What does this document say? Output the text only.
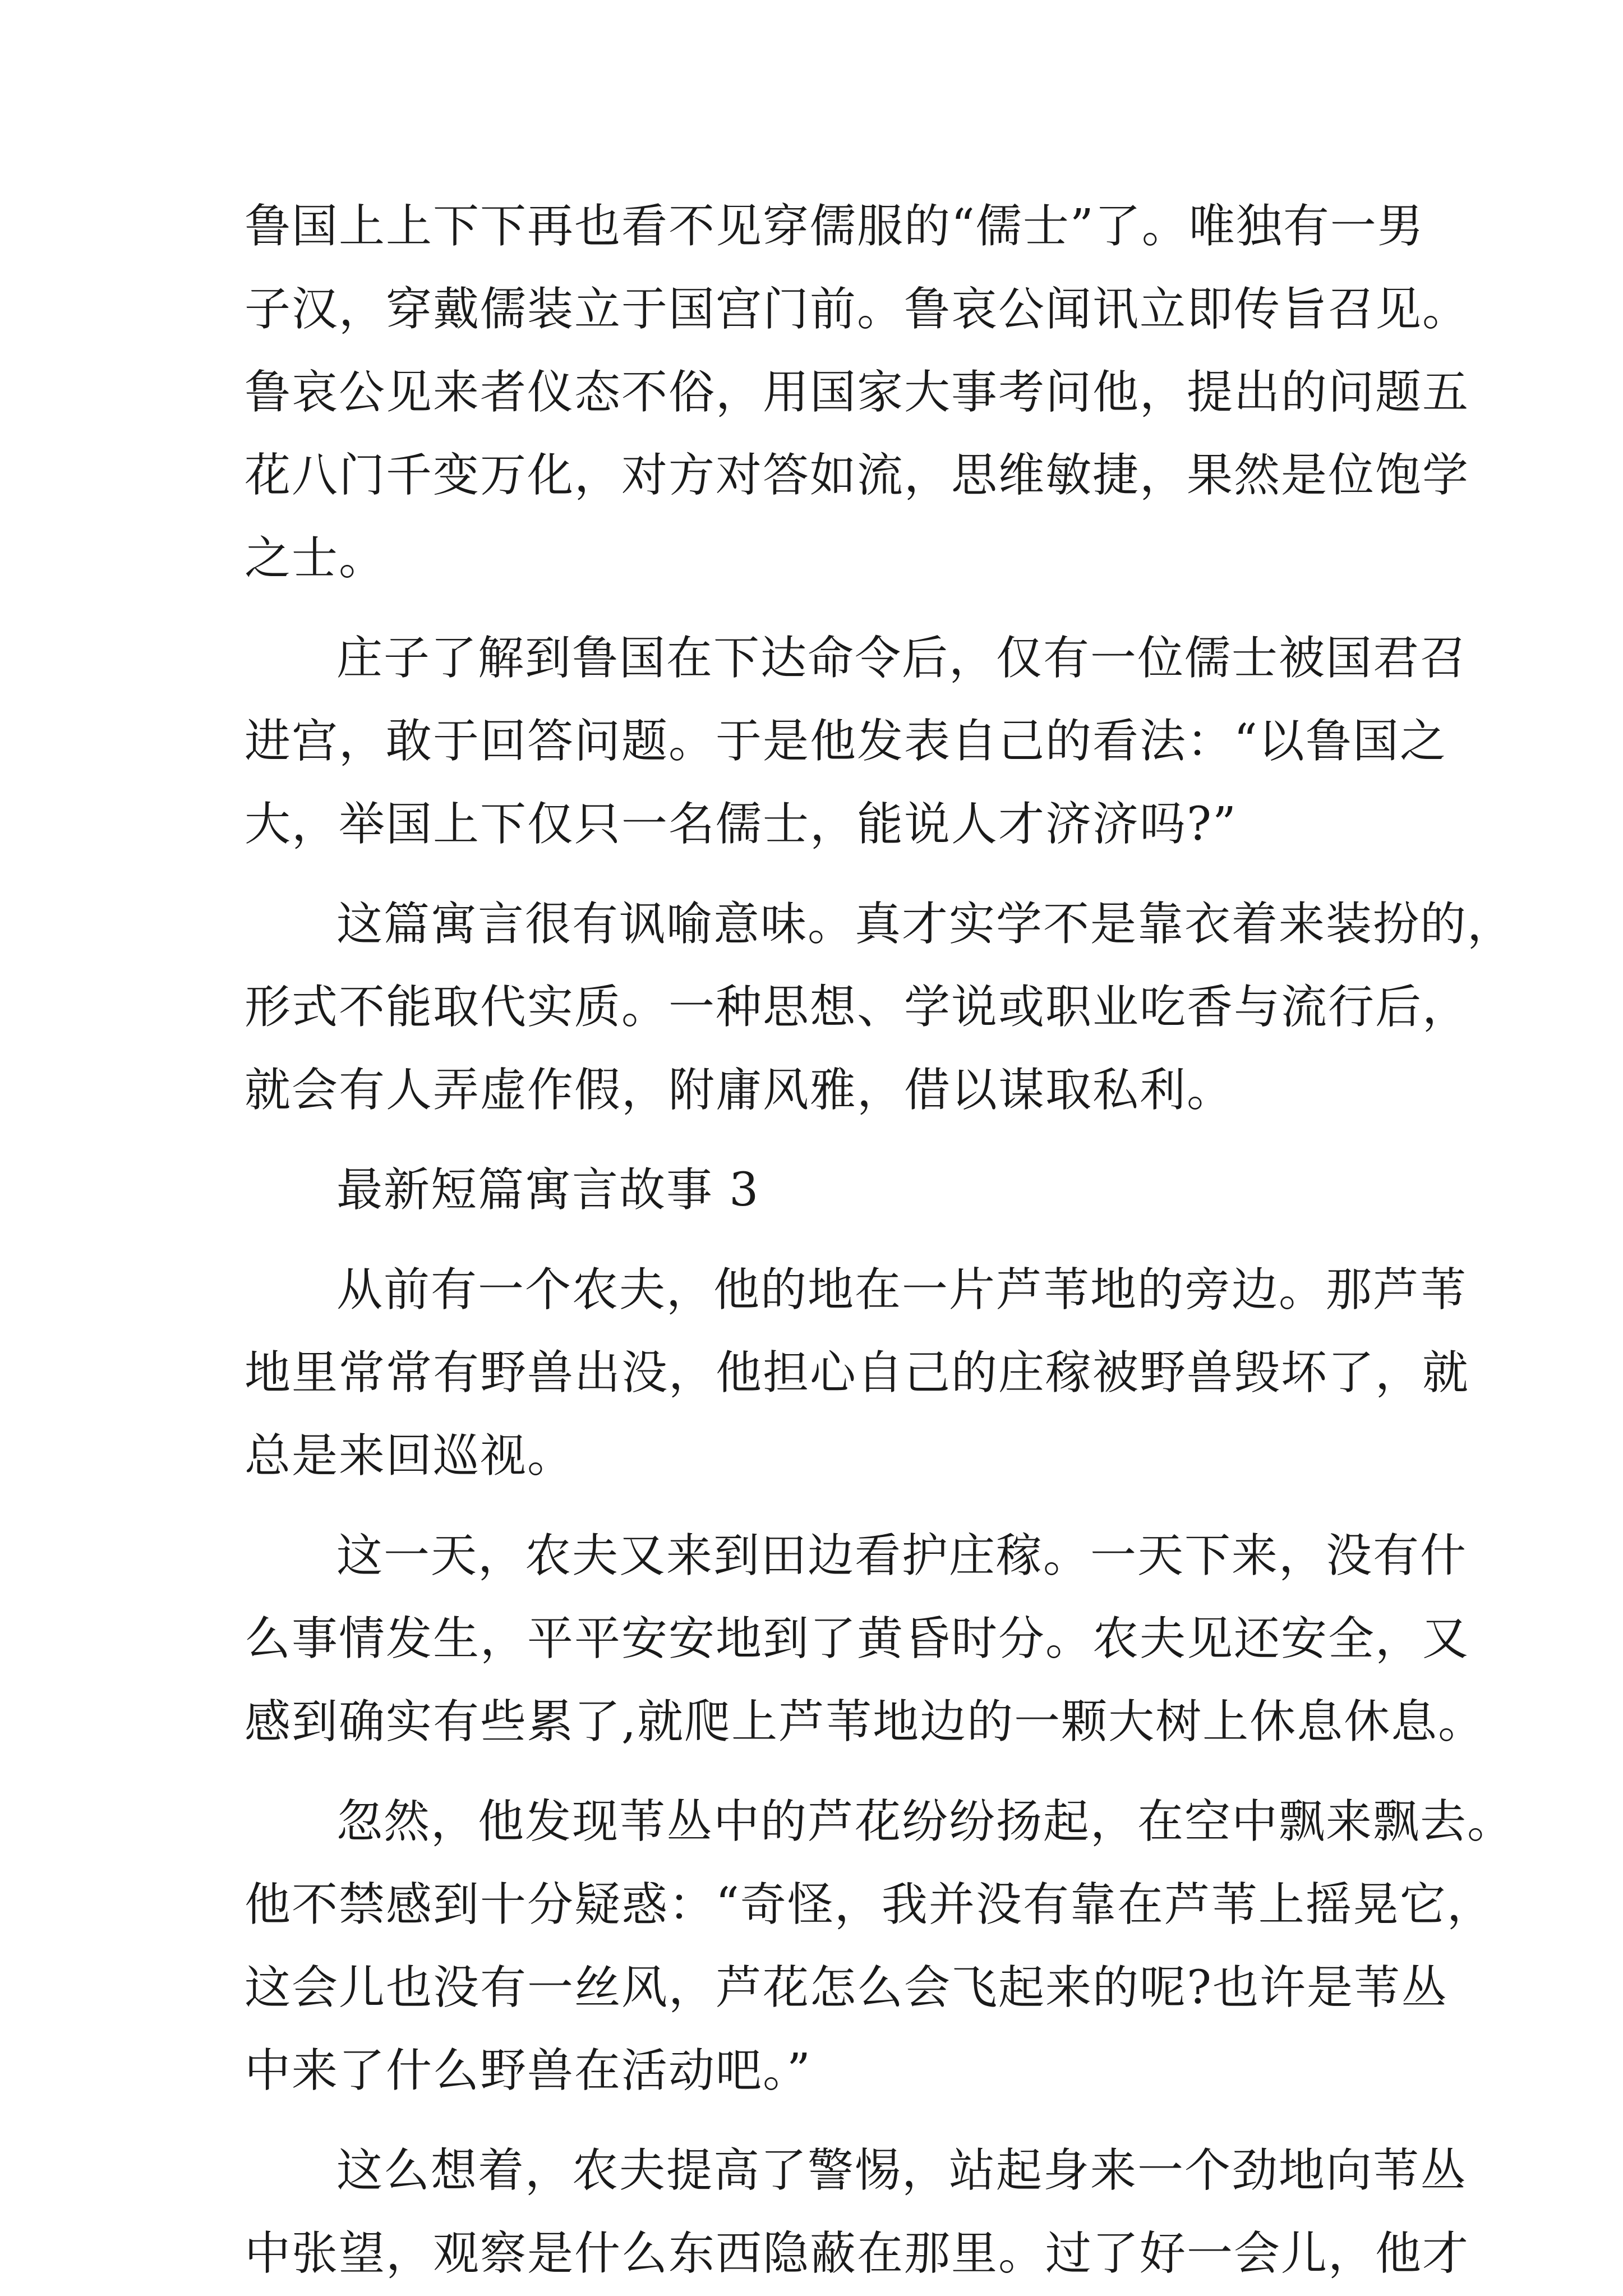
鲁国上上下下再也看不见穿儒服的“儒士”了。唯独有一男
子汉，穿戴儒装立于国宫门前。鲁哀公闻讯立即传旨召见。
鲁哀公见来者仪态不俗，用国家大事考问他，提出的问题五
花八门千变万化，对方对答如流，思维敏捷，果然是位饱学
之士。
庄子了解到鲁国在下达命令后，仅有一位儒士被国君召
进宫，敢于回答问题。于是他发表自己的看法：“以鲁国之
大，举国上下仅只一名儒士，能说人才济济吗?”
这篇寓言很有讽喻意味。真才实学不是靠衣着来装扮的，
形式不能取代实质。一种思想、学说或职业吃香与流行后，
就会有人弄虚作假，附庸风雅，借以谋取私利。
最新短篇寓言故事 3
从前有一个农夫，他的地在一片芦苇地的旁边。那芦苇
地里常常有野兽出没，他担心自己的庄稼被野兽毁坏了，就
总是来回巡视。
这一天，农夫又来到田边看护庄稼。一天下来，没有什
么事情发生，平平安安地到了黄昏时分。农夫见还安全，又
感到确实有些累了,就爬上芦苇地边的一颗大树上休息休息。
忽然，他发现苇丛中的芦花纷纷扬起，在空中飘来飘去。
他不禁感到十分疑惑：“奇怪，我并没有靠在芦苇上摇晃它，
这会儿也没有一丝风，芦花怎么会飞起来的呢?也许是苇丛
中来了什么野兽在活动吧。”
这么想着，农夫提高了警惕，站起身来一个劲地向苇丛
中张望，观察是什么东西隐蔽在那里。过了好一会儿，他才
